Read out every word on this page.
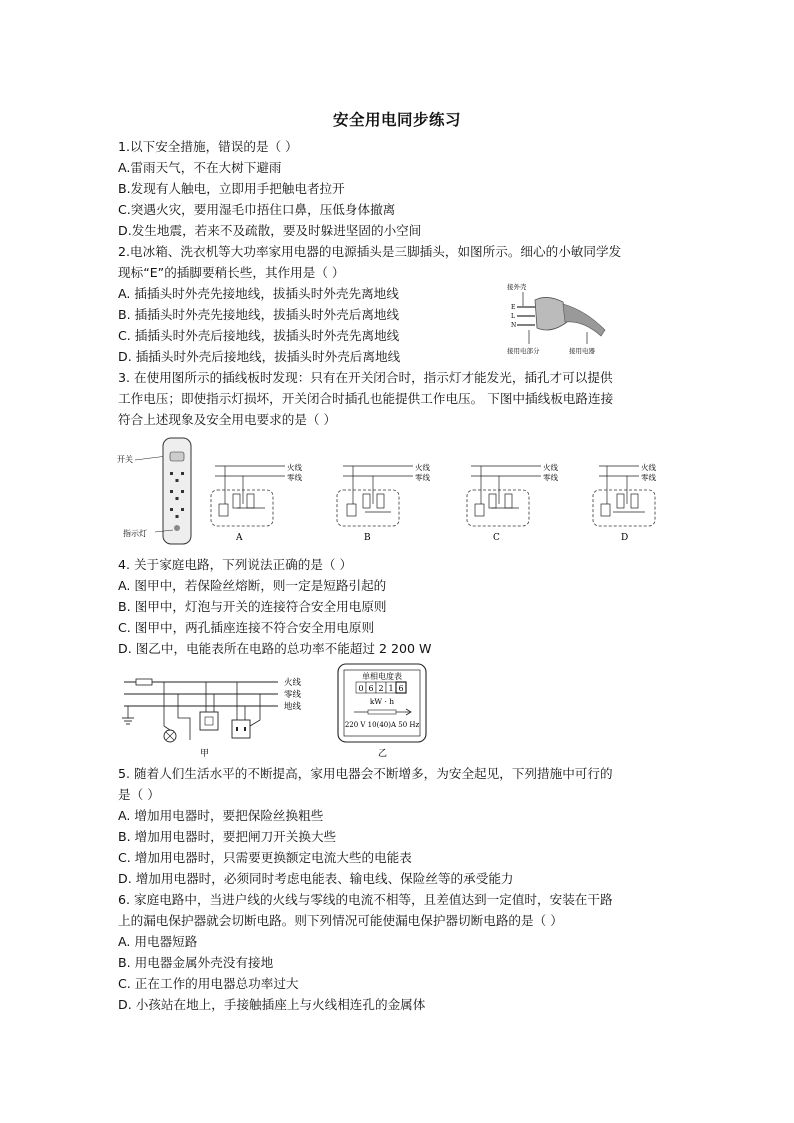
安全用电同步练习
1.以下安全措施，错误的是（ ）
A.雷雨天气，不在大树下避雨
B.发现有人触电，立即用手把触电者拉开
C.突遇火灾，要用湿毛巾捂住口鼻，压低身体撤离
D.发生地震，若来不及疏散，要及时躲进坚固的小空间
2.电冰箱、洗衣机等大功率家用电器的电源插头是三脚插头，如图所示。细心的小敏同学发
现标“E”的插脚要稍长些，其作用是（ ）
A. 插插头时外壳先接地线，拔插头时外壳先离地线
B. 插插头时外壳先接地线，拔插头时外壳后离地线
C. 插插头时外壳后接地线，拔插头时外壳先离地线
D. 插插头时外壳后接地线，拔插头时外壳后离地线
3. 在使用图所示的插线板时发现：只有在开关闭合时，指示灯才能发光，插孔才可以提供
工作电压；即使指示灯损坏，开关闭合时插孔也能提供工作电压。 下图中插线板电路连接
符合上述现象及安全用电要求的是（ ）
4. 关于家庭电路，下列说法正确的是（ ）
A. 图甲中，若保险丝熔断，则一定是短路引起的
B. 图甲中，灯泡与开关的连接符合安全用电原则
C. 图甲中，两孔插座连接不符合安全用电原则
D. 图乙中，电能表所在电路的总功率不能超过 2 200 W
5. 随着人们生活水平的不断提高，家用电器会不断增多，为安全起见，下列措施中可行的
是（ ）
A. 增加用电器时，要把保险丝换粗些
B. 增加用电器时，要把闸刀开关换大些
C. 增加用电器时，只需要更换额定电流大些的电能表
D. 增加用电器时，必须同时考虑电能表、输电线、保险丝等的承受能力
6. 家庭电路中，当进户线的火线与零线的电流不相等，且差值达到一定值时，安装在干路
上的漏电保护器就会切断电路。则下列情况可能使漏电保护器切断电路的是（ ）
A. 用电器短路
B. 用电器金属外壳没有接地
C. 正在工作的用电器总功率过大
D. 小孩站在地上，手接触插座上与火线相连孔的金属体
接外壳
E
L
N
接用电部分	接用电器
开关
指示灯
火线
零线
A
火线
零线
B
火线
零线
C
火线
零线
D
火线
零线
地线
甲
单相电度表
0 6 2 1 6
kW · h
220 V 10(40)A 50 Hz
乙
